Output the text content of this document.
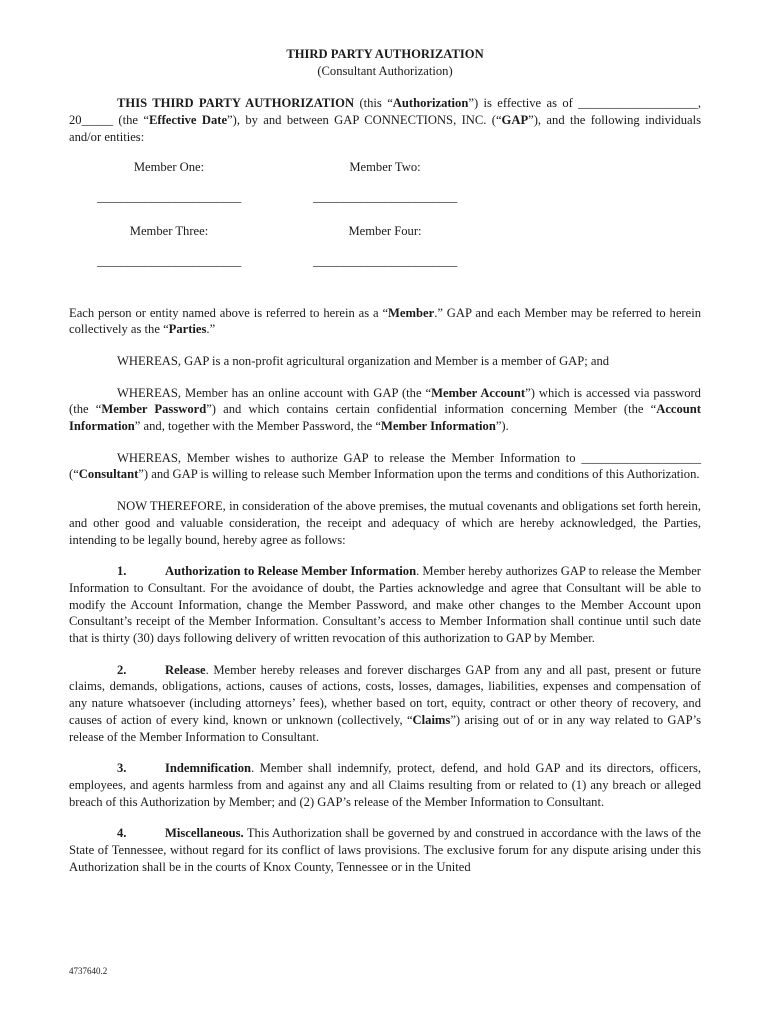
THIRD PARTY AUTHORIZATION

(Consultant Authorization)

THIS THIRD PARTY AUTHORIZATION (this “Authorization”) is effective as of ___________________, 20_____ (the “Effective Date”), by and between GAP CONNECTIONS, INC. (“GAP”), and the following individuals and/or entities:

Member One:	Member Two:
________________________	________________________
Member Three:	Member Four:
________________________	________________________

Each person or entity named above is referred to herein as a “Member.” GAP and each Member may be referred to herein collectively as the “Parties.”

WHEREAS, GAP is a non-profit agricultural organization and Member is a member of GAP; and

WHEREAS, Member has an online account with GAP (the “Member Account”) which is accessed via password (the “Member Password”) and which contains certain confidential information concerning Member (the “Account Information” and, together with the Member Password, the “Member Information”).

WHEREAS, Member wishes to authorize GAP to release the Member Information to ___________________ (“Consultant”) and GAP is willing to release such Member Information upon the terms and conditions of this Authorization.

NOW THEREFORE, in consideration of the above premises, the mutual covenants and obligations set forth herein, and other good and valuable consideration, the receipt and adequacy of which are hereby acknowledged, the Parties, intending to be legally bound, hereby agree as follows:

1.	Authorization to Release Member Information. Member hereby authorizes GAP to release the Member Information to Consultant. For the avoidance of doubt, the Parties acknowledge and agree that Consultant will be able to modify the Account Information, change the Member Password, and make other changes to the Member Account upon Consultant’s receipt of the Member Information. Consultant’s access to Member Information shall continue until such date that is thirty (30) days following delivery of written revocation of this authorization to GAP by Member.

2.	Release. Member hereby releases and forever discharges GAP from any and all past, present or future claims, demands, obligations, actions, causes of actions, costs, losses, damages, liabilities, expenses and compensation of any nature whatsoever (including attorneys’ fees), whether based on tort, equity, contract or other theory of recovery, and causes of action of every kind, known or unknown (collectively, “Claims”) arising out of or in any way related to GAP’s release of the Member Information to Consultant.

3.	Indemnification. Member shall indemnify, protect, defend, and hold GAP and its directors, officers, employees, and agents harmless from and against any and all Claims resulting from or related to (1) any breach or alleged breach of this Authorization by Member; and (2) GAP’s release of the Member Information to Consultant.

4.	Miscellaneous. This Authorization shall be governed by and construed in accordance with the laws of the State of Tennessee, without regard for its conflict of laws provisions. The exclusive forum for any dispute arising under this Authorization shall be in the courts of Knox County, Tennessee or in the United

4737640.2
